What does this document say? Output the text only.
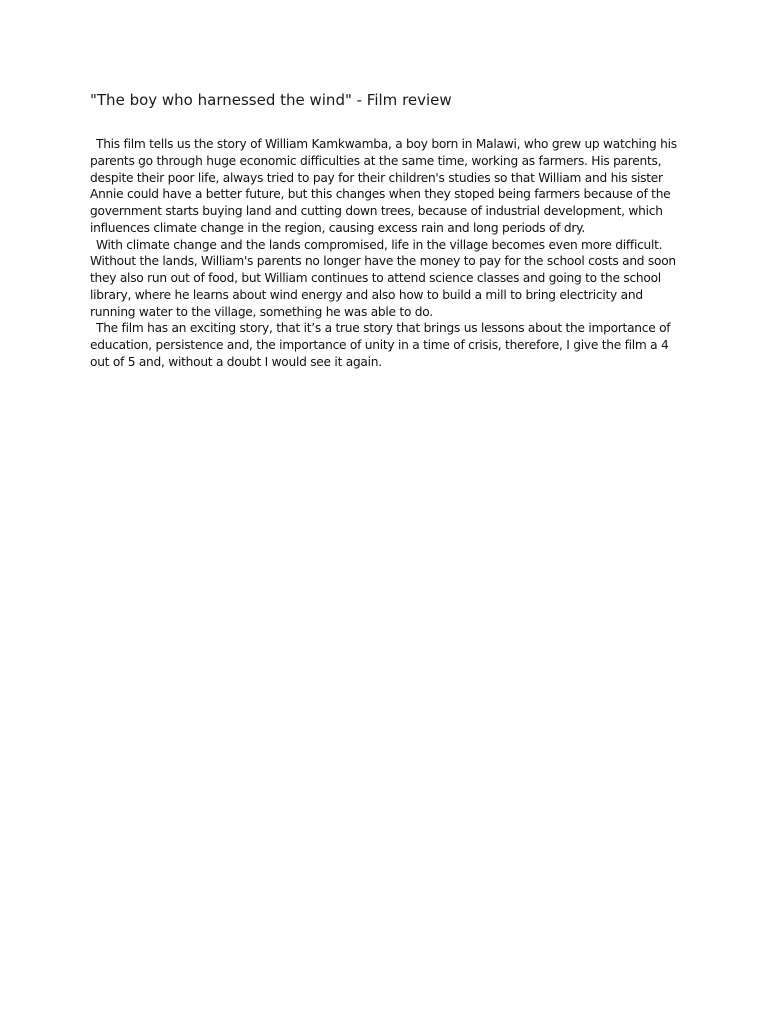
"The boy who harnessed the wind" - Film review

This film tells us the story of William Kamkwamba, a boy born in Malawi, who grew up watching his parents go through huge economic difficulties at the same time, working as farmers. His parents, despite their poor life, always tried to pay for their children's studies so that William and his sister Annie could have a better future, but this changes when they stoped being farmers because of the government starts buying land and cutting down trees, because of industrial development, which influences climate change in the region, causing excess rain and long periods of dry.

With climate change and the lands compromised, life in the village becomes even more difficult. Without the lands, William's parents no longer have the money to pay for the school costs and soon they also run out of food, but William continues to attend science classes and going to the school library, where he learns about wind energy and also how to build a mill to bring electricity and running water to the village, something he was able to do.

The film has an exciting story, that it’s a true story that brings us lessons about the importance of education, persistence and, the importance of unity in a time of crisis, therefore, I give the film a 4 out of 5 and, without a doubt I would see it again.
